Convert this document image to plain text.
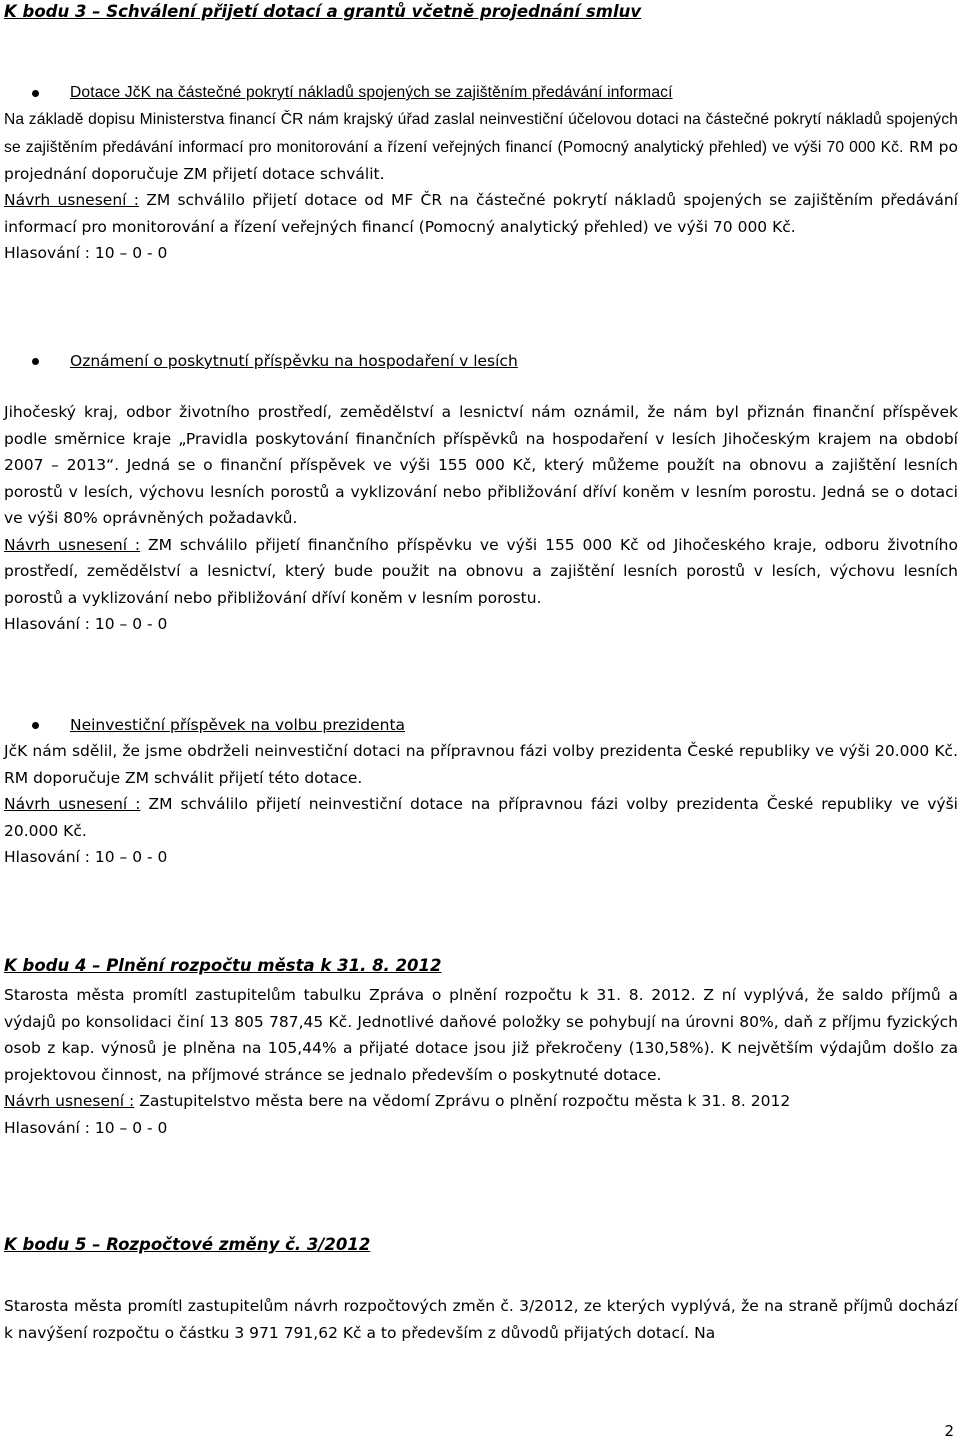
K bodu 3 – Schválení přijetí dotací a grantů včetně projednání smluv
Dotace JčK na částečné pokrytí nákladů spojených se zajištěním předávání informací

Na základě dopisu Ministerstva financí ČR nám krajský úřad zaslal neinvestiční účelovou dotaci na částečné pokrytí nákladů spojených se zajištěním předávání informací pro monitorování a řízení veřejných financí (Pomocný analytický přehled) ve výši 70 000 Kč. RM po projednání doporučuje ZM přijetí dotace schválit.

Návrh usnesení : ZM schválilo přijetí dotace od MF ČR na částečné pokrytí nákladů spojených se zajištěním předávání informací pro monitorování a řízení veřejných financí (Pomocný analytický přehled) ve výši 70 000 Kč.

Hlasování : 10 – 0 - 0

Oznámení o poskytnutí příspěvku na hospodaření v lesích

Jihočeský kraj, odbor životního prostředí, zemědělství a lesnictví nám oznámil, že nám byl přiznán finanční příspěvek podle směrnice kraje „Pravidla poskytování finančních příspěvků na hospodaření v lesích Jihočeským krajem na období 2007 – 2013“. Jedná se o finanční příspěvek ve výši 155 000 Kč, který můžeme použít na obnovu a zajištění lesních porostů v lesích, výchovu lesních porostů a vyklizování nebo přibližování dříví koněm v lesním porostu. Jedná se o dotaci ve výši 80% oprávněných požadavků.

Návrh usnesení : ZM schválilo přijetí finančního příspěvku ve výši 155 000 Kč od Jihočeského kraje, odboru životního prostředí, zemědělství a lesnictví, který bude použit na obnovu a zajištění lesních porostů v lesích, výchovu lesních porostů a vyklizování nebo přibližování dříví koněm v lesním porostu.

Hlasování : 10 – 0 - 0

Neinvestiční příspěvek na volbu prezidenta

JčK nám sdělil, že jsme obdrželi neinvestiční dotaci na přípravnou fázi volby prezidenta České republiky ve výši 20.000 Kč. RM doporučuje ZM schválit přijetí této dotace.

Návrh usnesení : ZM schválilo přijetí neinvestiční dotace na přípravnou fázi volby prezidenta České republiky ve výši 20.000 Kč.

Hlasování : 10 – 0 - 0

K bodu 4 – Plnění rozpočtu města k 31. 8. 2012

Starosta města promítl zastupitelům tabulku Zpráva o plnění rozpočtu k 31. 8. 2012. Z ní vyplývá, že saldo příjmů a výdajů po konsolidaci činí 13 805 787,45 Kč. Jednotlivé daňové položky se pohybují na úrovni 80%, daň z příjmu fyzických osob z kap. výnosů je plněna na 105,44% a přijaté dotace jsou již překročeny (130,58%). K největším výdajům došlo za projektovou činnost, na příjmové stránce se jednalo především o poskytnuté dotace.

Návrh usnesení : Zastupitelstvo města bere na vědomí Zprávu o plnění rozpočtu města k 31. 8. 2012

Hlasování : 10 – 0 - 0

K bodu 5 – Rozpočtové změny č. 3/2012

Starosta města promítl zastupitelům návrh rozpočtových změn č. 3/2012, ze kterých vyplývá, že na straně příjmů dochází k navýšení rozpočtu o částku 3 971 791,62 Kč a to především z důvodů přijatých dotací. Na

2
